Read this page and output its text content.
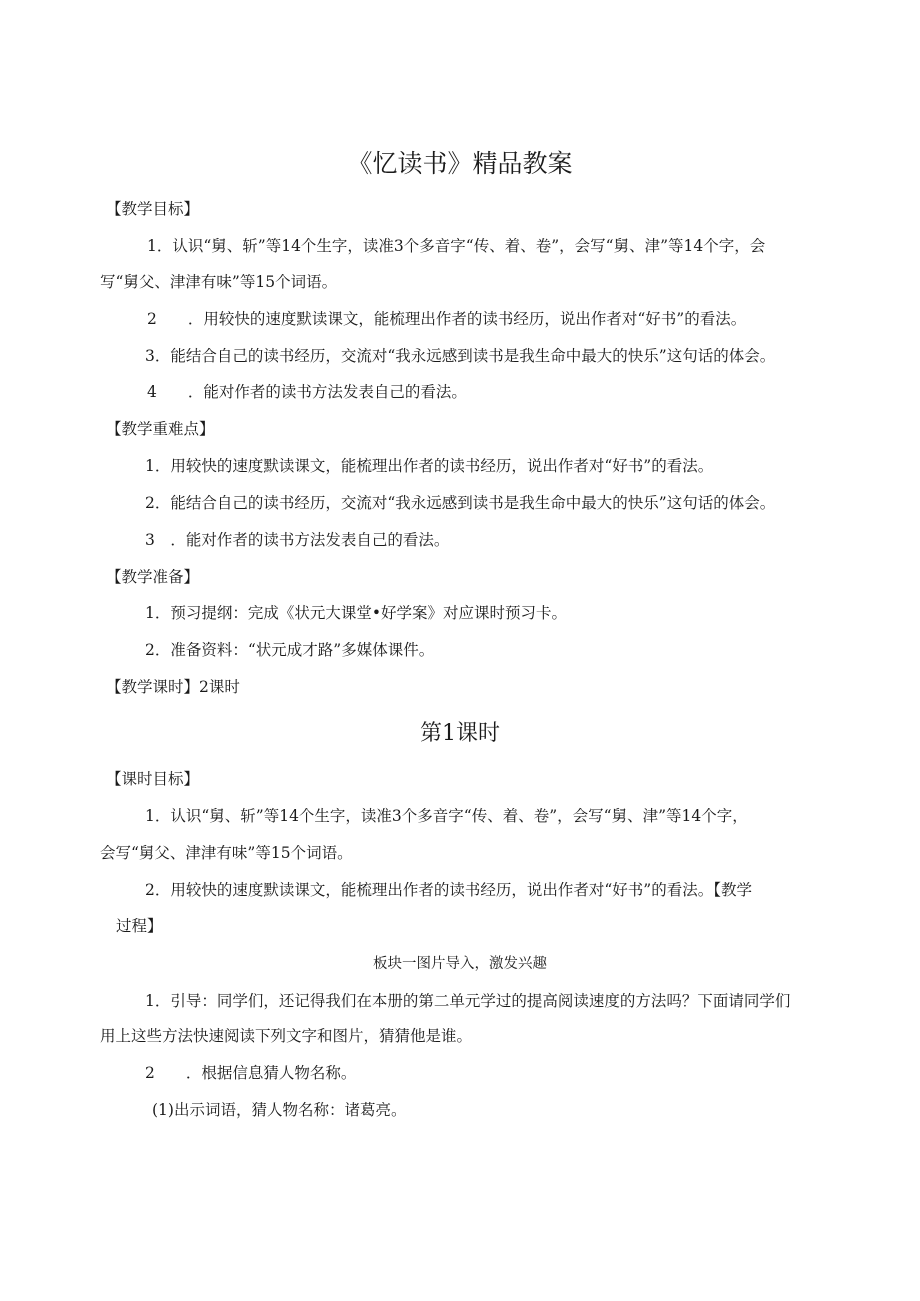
《忆读书》精品教案
【教学目标】
1．认识“舅、斩”等14个生字，读准3个多音字“传、着、卷”，会写“舅、津”等14个字，会
写“舅父、津津有味”等15个词语。
2　　．用较快的速度默读课文，能梳理出作者的读书经历，说出作者对“好书”的看法。
3．能结合自己的读书经历，交流对“我永远感到读书是我生命中最大的快乐”这句话的体会。
4　　．能对作者的读书方法发表自己的看法。
【教学重难点】
1．用较快的速度默读课文，能梳理出作者的读书经历，说出作者对“好书”的看法。
2．能结合自己的读书经历，交流对“我永远感到读书是我生命中最大的快乐”这句话的体会。
3　．能对作者的读书方法发表自己的看法。
【教学准备】
1．预习提纲：完成《状元大课堂•好学案》对应课时预习卡。
2．准备资料：“状元成才路”多媒体课件。
【教学课时】2课时
第1课时
【课时目标】
1．认识“舅、斩”等14个生字，读准3个多音字“传、着、卷”，会写“舅、津”等14个字，
会写“舅父、津津有味”等15个词语。
2．用较快的速度默读课文，能梳理出作者的读书经历，说出作者对“好书”的看法。【教学
过程】
板块一图片导入，激发兴趣
1．引导：同学们，还记得我们在本册的第二单元学过的提高阅读速度的方法吗？下面请同学们
用上这些方法快速阅读下列文字和图片，猜猜他是谁。
2　　．根据信息猜人物名称。
(1)出示词语，猜人物名称：诸葛亮。
